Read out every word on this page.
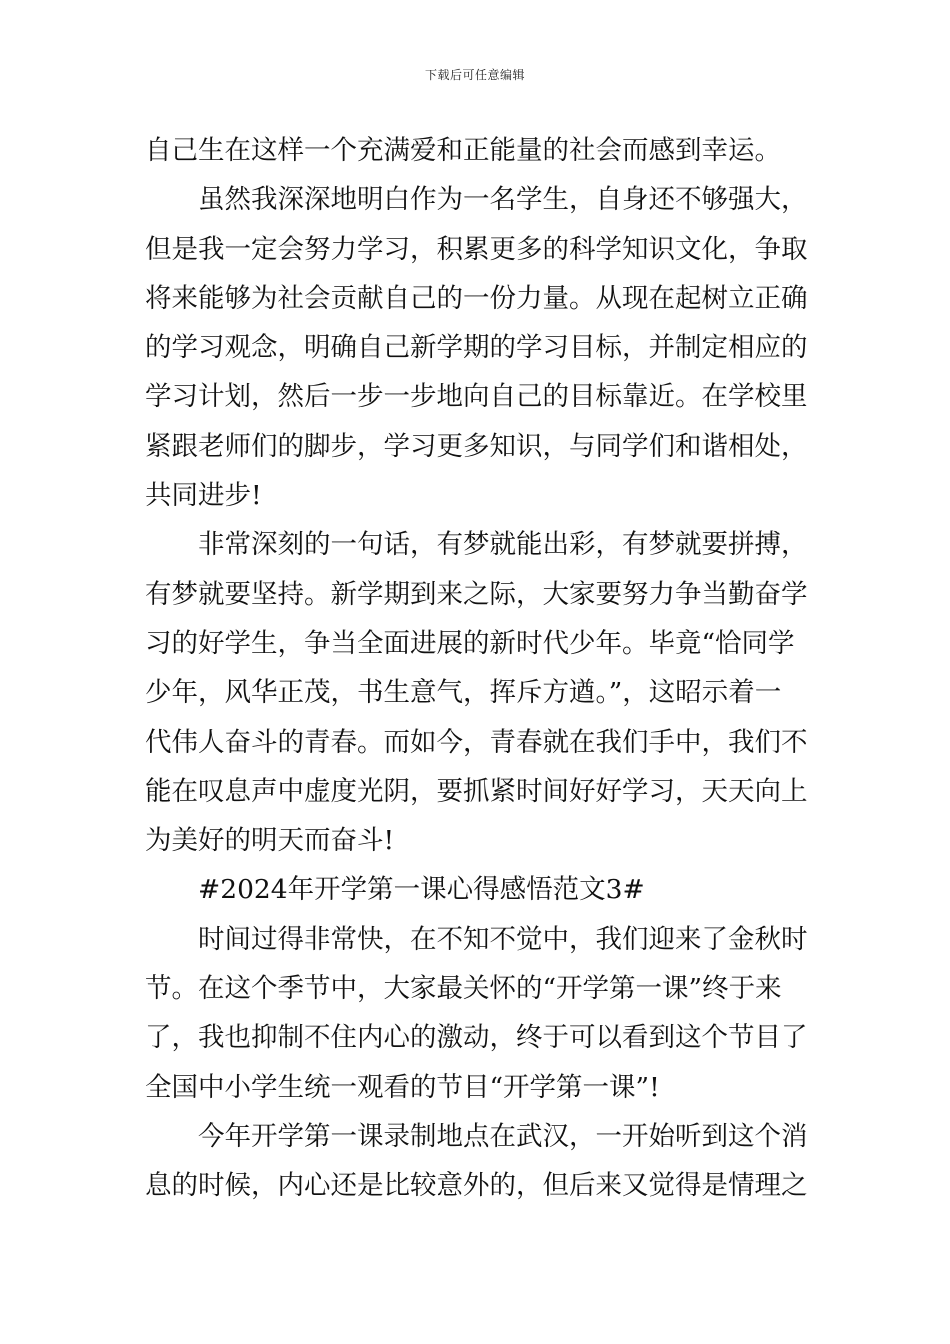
下载后可任意编辑
自己生在这样一个充满爱和正能量的社会而感到幸运。
虽然我深深地明白作为一名学生，自身还不够强大，
但是我一定会努力学习，积累更多的科学知识文化，争取
将来能够为社会贡献自己的一份力量。从现在起树立正确
的学习观念，明确自己新学期的学习目标，并制定相应的
学习计划，然后一步一步地向自己的目标靠近。在学校里
紧跟老师们的脚步，学习更多知识，与同学们和谐相处，
共同进步!
非常深刻的一句话，有梦就能出彩，有梦就要拼搏，
有梦就要坚持。新学期到来之际，大家要努力争当勤奋学
习的好学生，争当全面进展的新时代少年。毕竟“恰同学
少年，风华正茂，书生意气，挥斥方遒。”，这昭示着一
代伟人奋斗的青春。而如今，青春就在我们手中，我们不
能在叹息声中虚度光阴，要抓紧时间好好学习，天天向上
为美好的明天而奋斗!
#2024年开学第一课心得感悟范文3#
时间过得非常快，在不知不觉中，我们迎来了金秋时
节。在这个季节中，大家最关怀的“开学第一课”终于来
了，我也抑制不住内心的激动，终于可以看到这个节目了
全国中小学生统一观看的节目“开学第一课”!
今年开学第一课录制地点在武汉，一开始听到这个消
息的时候，内心还是比较意外的，但后来又觉得是情理之
